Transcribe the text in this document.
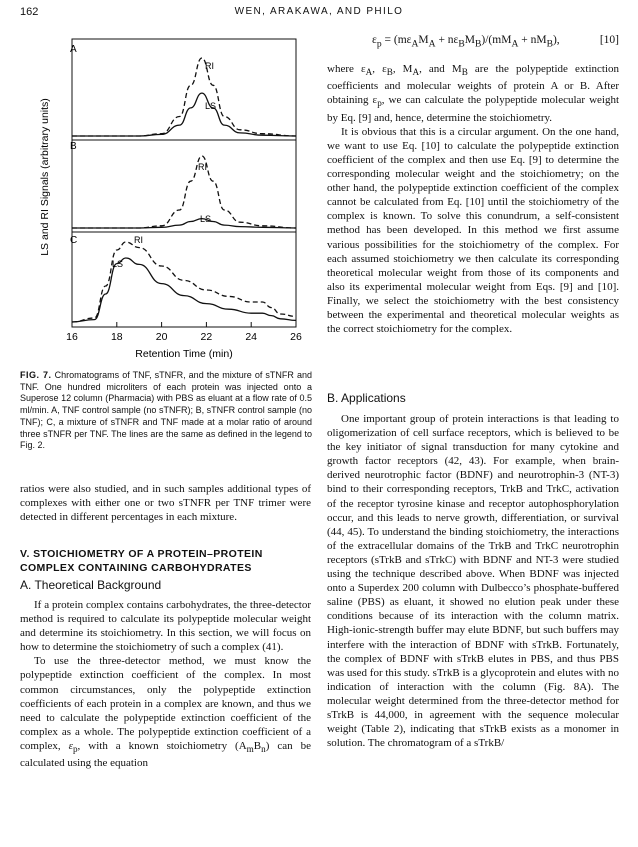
162	WEN, ARAKAWA, AND PHILO
A
B
C
LS and RI Signals (arbitrary units)
Retention Time (min)
16	18	20	22	24	26
RI
LS
RI
LS
RI
LS
FIG. 7. Chromatograms of TNF, sTNFR, and the mixture of sTNFR and TNF. One hundred microliters of each protein was injected onto a Superose 12 column (Pharmacia) with PBS as eluant at a flow rate of 0.5 ml/min. A, TNF control sample (no sTNFR); B, sTNFR control sample (no TNF); C, a mixture of sTNFR and TNF made at a molar ratio of around three sTNFR per TNF. The lines are the same as defined in the legend to Fig. 2.

ratios were also studied, and in such samples additional types of complexes with either one or two sTNFR per TNF trimer were detected in different percentages in each mixture.

V. STOICHIOMETRY OF A PROTEIN–PROTEIN COMPLEX CONTAINING CARBOHYDRATES
A. Theoretical Background

If a protein complex contains carbohydrates, the three-detector method is required to calculate its polypeptide molecular weight and determine its stoichiometry. In this section, we will focus on how to determine the stoichiometry of such a complex (41).

To use the three-detector method, we must know the polypeptide extinction coefficient of the complex. In most common circumstances, only the polypeptide extinction coefficients of each protein in a complex are known, and thus we need to calculate the polypeptide extinction coefficient of the complex as a whole. The polypeptide extinction coefficient of a complex, $\varepsilon_p$, with a known stoichiometry $(A_mB_n)$ can be calculated using the equation

$\varepsilon_p = (m\varepsilon_AM_A + n\varepsilon_BM_B)/(mM_A + nM_B)$,	[10]

where $\varepsilon_A$, $\varepsilon_B$, $M_A$, and $M_B$ are the polypeptide extinction coefficients and molecular weights of protein A or B. After obtaining $\varepsilon_p$, we can calculate the polypeptide molecular weight by Eq. [9] and, hence, determine the stoichiometry.

It is obvious that this is a circular argument. On the one hand, we want to use Eq. [10] to calculate the polypeptide extinction coefficient of the complex and then use Eq. [9] to determine the corresponding molecular weight and the stoichiometry; on the other hand, the polypeptide extinction coefficient of the complex cannot be calculated from Eq. [10] until the stoichiometry of the complex is known. To solve this conundrum, a self-consistent method has been developed. In this method we first assume various possibilities for the stoichiometry of the complex. For each assumed stoichiometry we then calculate its corresponding theoretical molecular weight from those of its components and also its experimental molecular weight from Eqs. [9] and [10]. Finally, we select the stoichiometry with the best consistency between the experimental and theoretical molecular weights as the correct stoichiometry for the complex.

B. Applications

One important group of protein interactions is that leading to oligomerization of cell surface receptors, which is believed to be the key initiator of signal transduction for many cytokine and growth factor receptors (42, 43). For example, when brain-derived neurotrophic factor (BDNF) and neurotrophin-3 (NT-3) bind to their corresponding receptors, TrkB and TrkC, activation of the receptor tyrosine kinase and receptor autophosphorylation occur, and this leads to nerve growth, differentiation, or survival (44, 45). To understand the binding stoichiometry, the interactions of the extracellular domains of the TrkB and TrkC neurotrophin receptors (sTrkB and sTrkC) with BDNF and NT-3 were studied using the technique described above. When BDNF was injected onto a Superdex 200 column with Dulbecco’s phosphate-buffered saline (PBS) as eluant, it showed no elution peak under these conditions because of its interaction with the column matrix. High-ionic-strength buffer may elute BDNF, but such buffers may interfere with the interaction of BDNF with sTrkB. Fortunately, the complex of BDNF with sTrkB elutes in PBS, and thus PBS was used for this study. sTrkB is a glycoprotein and elutes with no indication of interaction with the column (Fig. 8A). The molecular weight determined from the three-detector method for sTrkB is 44,000, in agreement with the sequence molecular weight (Table 2), indicating that sTrkB exists as a monomer in solution. The chromatogram of a sTrkB/
